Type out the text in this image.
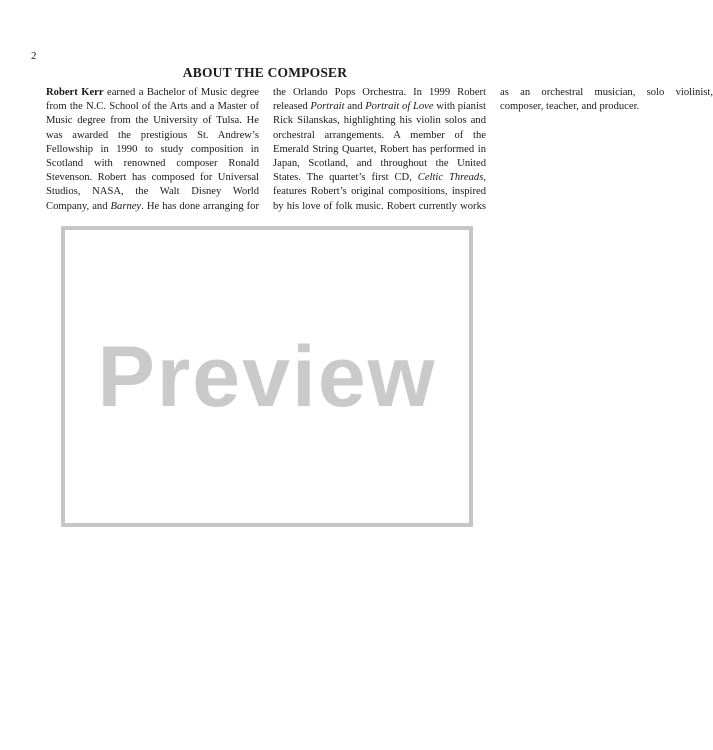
2
ABOUT THE COMPOSER

Robert Kerr earned a Bachelor of Music degree from the N.C. School of the Arts and a Master of Music degree from the University of Tulsa. He was awarded the prestigious St. Andrew’s Fellowship in 1990 to study composition in Scotland with renowned composer Ronald Stevenson. Robert has composed for Universal Studios, NASA, the Walt Disney World Company, and Barney. He has done arranging for the Orlando Pops Orchestra. In 1999 Robert released Portrait and Portrait of Love with pianist Rick Silanskas, highlighting his violin solos and orchestral arrangements. A member of the Emerald String Quartet, Robert has performed in Japan, Scotland, and throughout the United States. The quartet’s first CD, Celtic Threads, features Robert’s original compositions, inspired by his love of folk music. Robert currently works as an orchestral musician, solo violinist, composer, teacher, and producer.

Preview
